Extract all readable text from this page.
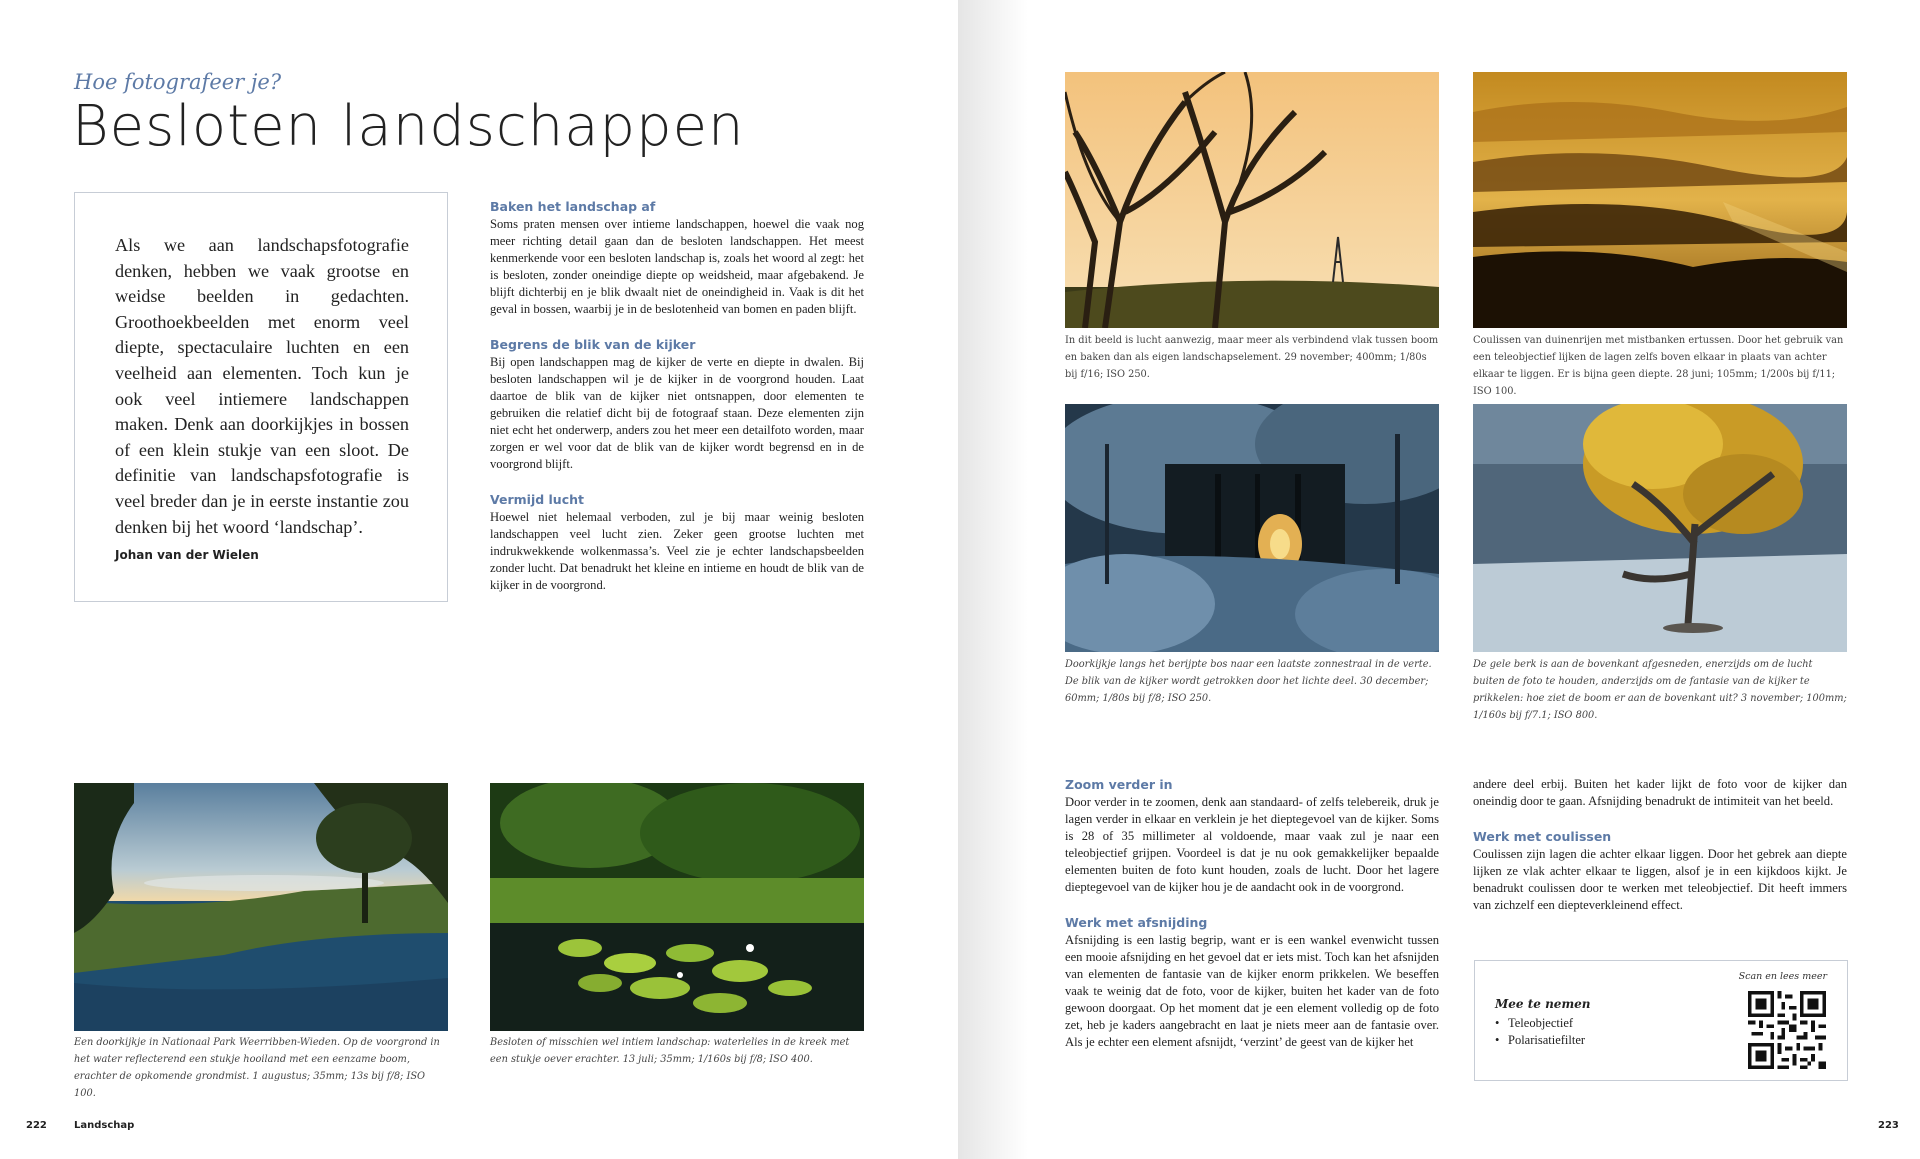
Hoe fotografeer je?
Besloten landschappen
Als we aan landschapsfotografie denken, hebben we vaak grootse en weidse beelden in gedachten. Groothoekbeelden met enorm veel diepte, spectaculaire luchten en een veelheid aan elementen. Toch kun je ook veel intiemere landschappen maken. Denk aan doorkijkjes in bossen of een klein stukje van een sloot. De definitie van landschapsfotografie is veel breder dan je in eerste instantie zou denken bij het woord ‘landschap’.
Johan van der Wielen
Baken het landschap af

Soms praten mensen over intieme landschappen, hoewel die vaak nog meer richting detail gaan dan de besloten landschappen. Het meest kenmerkende voor een besloten landschap is, zoals het woord al zegt: het is besloten, zonder oneindige diepte op weidsheid, maar afgebakend. Je blijft dichterbij en je blik dwaalt niet de oneindigheid in. Vaak is dit het geval in bossen, waarbij je in de beslotenheid van bomen en paden blijft.

Begrens de blik van de kijker

Bij open landschappen mag de kijker de verte en diepte in dwalen. Bij besloten landschappen wil je de kijker in de voorgrond houden. Laat daartoe de blik van de kijker niet ontsnappen, door elementen te gebruiken die relatief dicht bij de fotograaf staan. Deze elementen zijn niet echt het onderwerp, anders zou het meer een detailfoto worden, maar zorgen er wel voor dat de blik van de kijker wordt begrensd en in de voorgrond blijft.

Vermijd lucht

Hoewel niet helemaal verboden, zul je bij maar weinig besloten landschappen veel lucht zien. Zeker geen grootse luchten met indrukwekkende wolkenmassa’s. Veel zie je echter landschapsbeelden zonder lucht. Dat benadrukt het kleine en intieme en houdt de blik van de kijker in de voorgrond.

Een doorkijkje in Nationaal Park Weerribben-Wieden. Op de voorgrond in het water reflecterend een stukje hooiland met een eenzame boom, erachter de opkomende grondmist. 1 augustus; 35mm; 13s bij f/8; ISO 100.
Besloten of misschien wel intiem landschap: waterlelies in de kreek met een stukje oever erachter. 13 juli; 35mm; 1/160s bij f/8; ISO 400.
222	Landschap
In dit beeld is lucht aanwezig, maar meer als verbindend vlak tussen boom en baken dan als eigen landschapselement. 29 november; 400mm; 1/80s bij f/16; ISO 250.
Coulissen van duinenrijen met mistbanken ertussen. Door het gebruik van een teleobjectief lijken de lagen zelfs boven elkaar in plaats van achter elkaar te liggen. Er is bijna geen diepte. 28 juni; 105mm; 1/200s bij f/11; ISO 100.
Doorkijkje langs het berijpte bos naar een laatste zonnestraal in de verte. De blik van de kijker wordt getrokken door het lichte deel. 30 december; 60mm; 1/80s bij f/8; ISO 250.
De gele berk is aan de bovenkant afgesneden, enerzijds om de lucht buiten de foto te houden, anderzijds om de fantasie van de kijker te prikkelen: hoe ziet de boom er aan de bovenkant uit? 3 november; 100mm; 1/160s bij f/7.1; ISO 800.
Zoom verder in

Door verder in te zoomen, denk aan standaard- of zelfs telebereik, druk je lagen verder in elkaar en verklein je het dieptegevoel van de kijker. Soms is 28 of 35 millimeter al voldoende, maar vaak zul je naar een teleobjectief grijpen. Voordeel is dat je nu ook gemakkelijker bepaalde elementen buiten de foto kunt houden, zoals de lucht. Door het lagere dieptegevoel van de kijker hou je de aandacht ook in de voorgrond.

Werk met afsnijding

Afsnijding is een lastig begrip, want er is een wankel evenwicht tussen een mooie afsnijding en het gevoel dat er iets mist. Toch kan het afsnijden van elementen de fantasie van de kijker enorm prikkelen. We beseffen vaak te weinig dat de foto, voor de kijker, buiten het kader van de foto gewoon doorgaat. Op het moment dat je een element volledig op de foto zet, heb je kaders aangebracht en laat je niets meer aan de fantasie over. Als je echter een element afsnijdt, ‘verzint’ de geest van de kijker het

andere deel erbij. Buiten het kader lijkt de foto voor de kijker dan oneindig door te gaan. Afsnijding benadrukt de intimiteit van het beeld.

Werk met coulissen

Coulissen zijn lagen die achter elkaar liggen. Door het gebrek aan diepte lijken ze vlak achter elkaar te liggen, alsof je in een kijkdoos kijkt. Je benadrukt coulissen door te werken met teleobjectief. Dit heeft immers van zichzelf een diepteverkleinend effect.

223
Scan en lees meer
Mee te nemen
• Teleobjectief
• Polarisatiefilter
